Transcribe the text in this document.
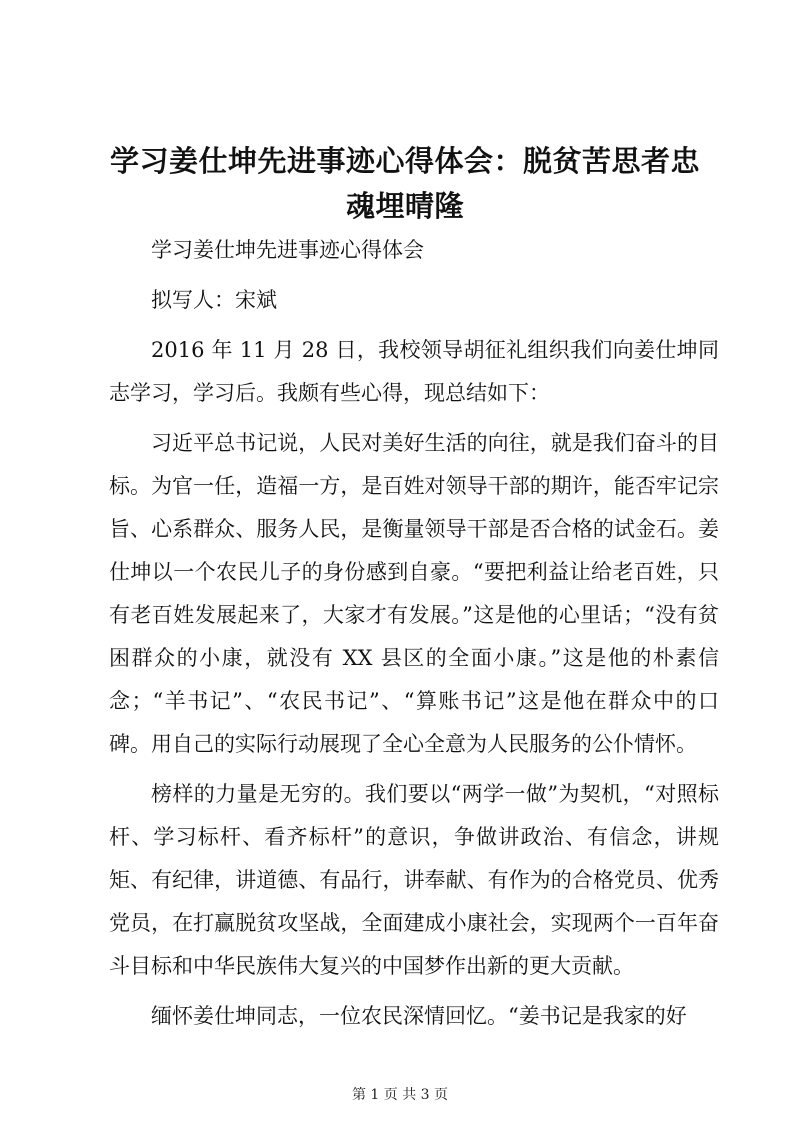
学习姜仕坤先进事迹心得体会：脱贫苦思者忠魂埋晴隆

学习姜仕坤先进事迹心得体会

拟写人：宋斌

2016 年 11 月 28 日，我校领导胡征礼组织我们向姜仕坤同志学习，学习后。我颇有些心得，现总结如下：

习近平总书记说，人民对美好生活的向往，就是我们奋斗的目标。为官一任，造福一方，是百姓对领导干部的期许，能否牢记宗旨、心系群众、服务人民，是衡量领导干部是否合格的试金石。姜仕坤以一个农民儿子的身份感到自豪。“要把利益让给老百姓，只有老百姓发展起来了，大家才有发展。”这是他的心里话；“没有贫困群众的小康，就没有 XX 县区的全面小康。”这是他的朴素信念；“羊书记”、“农民书记”、“算账书记”这是他在群众中的口碑。用自己的实际行动展现了全心全意为人民服务的公仆情怀。

榜样的力量是无穷的。我们要以“两学一做”为契机，“对照标杆、学习标杆、看齐标杆”的意识，争做讲政治、有信念，讲规矩、有纪律，讲道德、有品行，讲奉献、有作为的合格党员、优秀党员，在打赢脱贫攻坚战，全面建成小康社会，实现两个一百年奋斗目标和中华民族伟大复兴的中国梦作出新的更大贡献。

缅怀姜仕坤同志，一位农民深情回忆。“姜书记是我家的好

第 1 页 共 3 页
